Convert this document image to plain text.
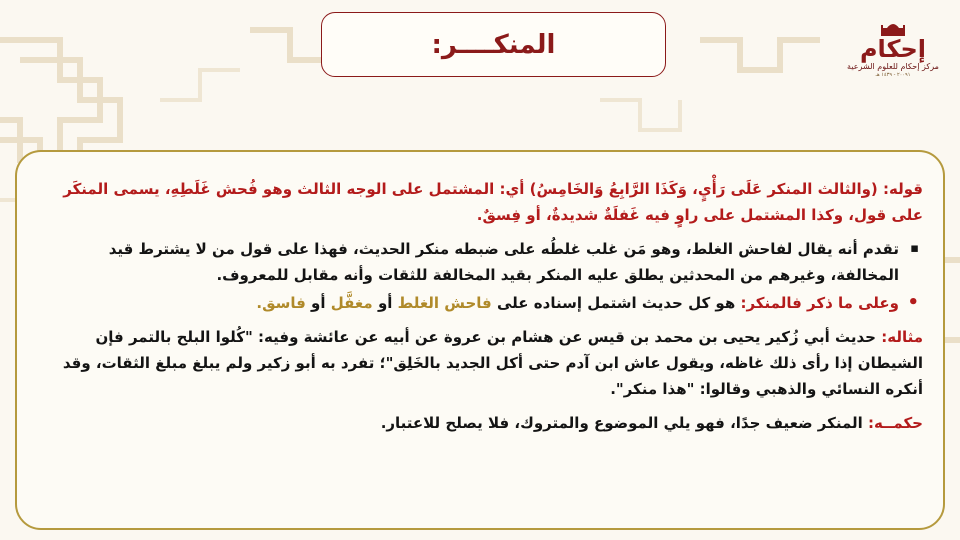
المنكــــر:	إحكام
مركز إحكام للعلوم الشرعية
٢٠٠٩١ - ١٤٣٩ هـ
قوله: (والثالث المنكر عَلَى رَأْيٍ، وَكَذَا الرَّابِعُ وَالخَامِسُ) أي: المشتمل على الوجه الثالث وهو فُحش غَلَطِهِ، يسمى المنكَر على قول، وكذا المشتمل على راوٍ فيه غَفلَةٌ شديدةٌ، أو فِسقٌ.
▪
تقدم أنه يقال لفاحش الغلط، وهو مَن غلب غلطُه على ضبطه منكر الحديث، فهذا على قول من لا يشترط قيد المخالفة، وغيرهم من المحدثين يطلق عليه المنكر بقيد المخالفة للثقات وأنه مقابل للمعروف.
•
وعلى ما ذكر فالمنكر: هو كل حديث اشتمل إسناده على فاحش الغلط أو مغفَّل أو فاسق.
مثاله: حديث أبي زُكير يحيى بن محمد بن قيس عن هشام بن عروة عن أبيه عن عائشة وفيه: "كُلوا البلح بالتمر فإن الشيطان إذا رأى ذلك غاظه، ويقول عاش ابن آدم حتى أكل الجديد بالخَلِق"؛ تفرد به أبو زكير ولم يبلغ مبلغ الثقات، وقد أنكره النسائي والذهبي وقالوا: "هذا منكر".
حكمــه: المنكر ضعيف جدًا، فهو يلي الموضوع والمتروك، فلا يصلح للاعتبار.
